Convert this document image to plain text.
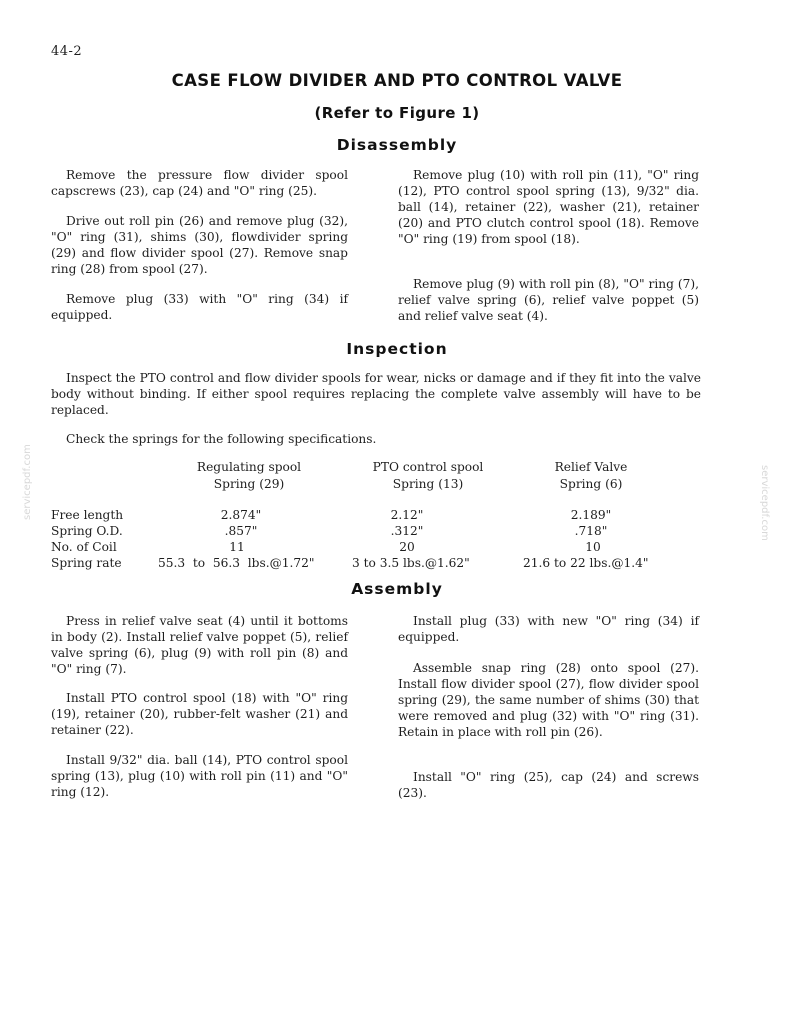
44-2
CASE FLOW DIVIDER AND PTO CONTROL VALVE
(Refer to Figure 1)
Disassembly

Remove the pressure flow divider spool capscrews (23), cap (24) and "O" ring (25).

Drive out roll pin (26) and remove plug (32), "O" ring (31), shims (30), flowdivider spring (29) and flow divider spool (27). Remove snap ring (28) from spool (27).

Remove plug (33) with "O" ring (34) if equipped.

Remove plug (10) with roll pin (11), "O" ring (12), PTO control spool spring (13), 9/32" dia. ball (14), retainer (22), washer (21), retainer (20) and PTO clutch control spool (18). Remove "O" ring (19) from spool (18).

Remove plug (9) with roll pin (8), "O" ring (7), relief valve spring (6), relief valve poppet (5) and relief valve seat (4).

Inspection

Inspect the PTO control and flow divider spools for wear, nicks or damage and if they fit into the valve body without binding. If either spool requires replacing the complete valve assembly will have to be replaced.

Check the springs for the following specifications.

Regulating spool
Spring (29)
PTO control spool
Spring (13)
Relief Valve
Spring (6)
Free length	2.874"	2.12"	2.189"
Spring O.D.	.857"	.312"	.718"
No. of Coil	11	20	10
Spring rate	55.3  to  56.3  lbs.@1.72"	3 to 3.5 lbs.@1.62"	21.6 to 22 lbs.@1.4"
Assembly

Press in relief valve seat (4) until it bottoms in body (2). Install relief valve poppet (5), relief valve spring (6), plug (9) with roll pin (8) and "O" ring (7).

Install PTO control spool (18) with "O" ring (19), retainer (20), rubber-felt washer (21) and retainer (22).

Install 9/32" dia. ball (14), PTO control spool spring (13), plug (10) with roll pin (11) and "O" ring (12).

Install plug (33) with new "O" ring (34) if equipped.

Assemble snap ring (28) onto spool (27). Install flow divider spool (27), flow divider spool spring (29), the same number of shims (30) that were removed and plug (32) with "O" ring (31). Retain in place with roll pin (26).

Install "O" ring (25), cap (24) and screws (23).

servicepdf.com	servicepdf.com
